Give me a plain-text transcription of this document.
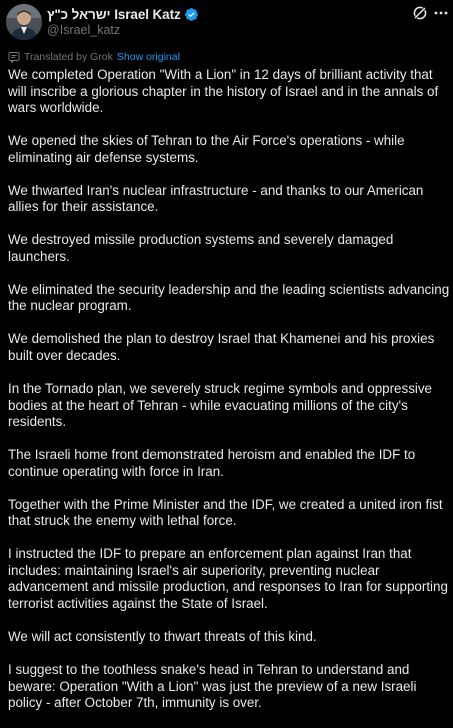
ישראל כ"ץ Israel Katz
@Israel_katz
Translated by Grok Show original

We completed Operation "With a Lion" in 12 days of brilliant activity that will inscribe a glorious chapter in the history of Israel and in the annals of wars worldwide.

We opened the skies of Tehran to the Air Force's operations - while eliminating air defense systems.

We thwarted Iran's nuclear infrastructure - and thanks to our American allies for their assistance.

We destroyed missile production systems and severely damaged launchers.

We eliminated the security leadership and the leading scientists advancing the nuclear program.

We demolished the plan to destroy Israel that Khamenei and his proxies built over decades.

In the Tornado plan, we severely struck regime symbols and oppressive bodies at the heart of Tehran - while evacuating millions of the city's residents.

The Israeli home front demonstrated heroism and enabled the IDF to continue operating with force in Iran.

Together with the Prime Minister and the IDF, we created a united iron fist that struck the enemy with lethal force.

I instructed the IDF to prepare an enforcement plan against Iran that includes: maintaining Israel's air superiority, preventing nuclear advancement and missile production, and responses to Iran for supporting terrorist activities against the State of Israel.

We will act consistently to thwart threats of this kind.

I suggest to the toothless snake's head in Tehran to understand and beware: Operation "With a Lion" was just the preview of a new Israeli policy - after October 7th, immunity is over.
